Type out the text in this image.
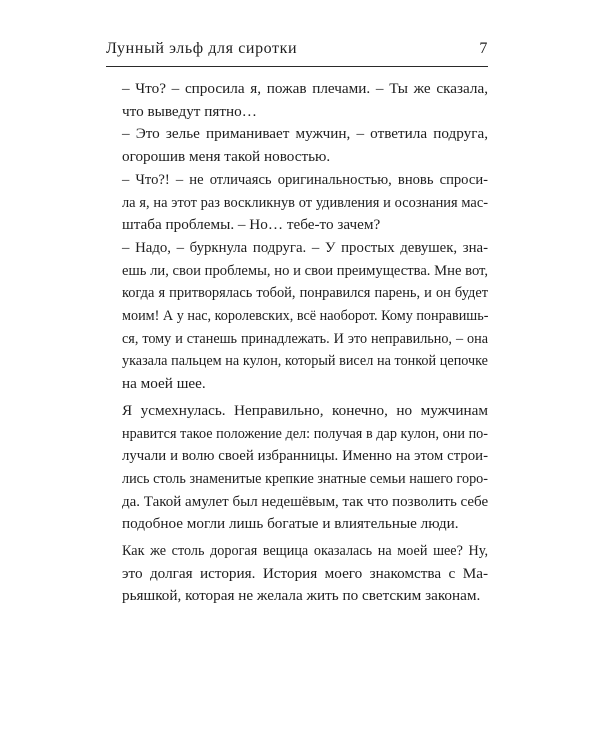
Лунный эльф для сиротки	7
– Что? – спросила я, пожав плечами. – Ты же сказала,
что выведут пятно…
– Это зелье приманивает мужчин, – ответила подруга,
огорошив меня такой новостью.
– Что?! – не отличаясь оригинальностью, вновь спроси-
ла я, на этот раз воскликнув от удивления и осознания мас-
штаба проблемы. – Но… тебе-то зачем?
– Надо, – буркнула подруга. – У простых девушек, зна-
ешь ли, свои проблемы, но и свои преимущества. Мне вот,
когда я притворялась тобой, понравился парень, и он будет
моим! А у нас, королевских, всё наоборот. Кому понравишь-
ся, тому и станешь принадлежать. И это неправильно, – она
указала пальцем на кулон, который висел на тонкой цепочке
на моей шее.
Я усмехнулась. Неправильно, конечно, но мужчинам
нравится такое положение дел: получая в дар кулон, они по-
лучали и волю своей избранницы. Именно на этом строи-
лись столь знаменитые крепкие знатные семьи нашего горо-
да. Такой амулет был недешёвым, так что позволить себе
подобное могли лишь богатые и влиятельные люди.
Как же столь дорогая вещица оказалась на моей шее? Ну,
это долгая история. История моего знакомства с Ма-
рьяшкой, которая не желала жить по светским законам.
